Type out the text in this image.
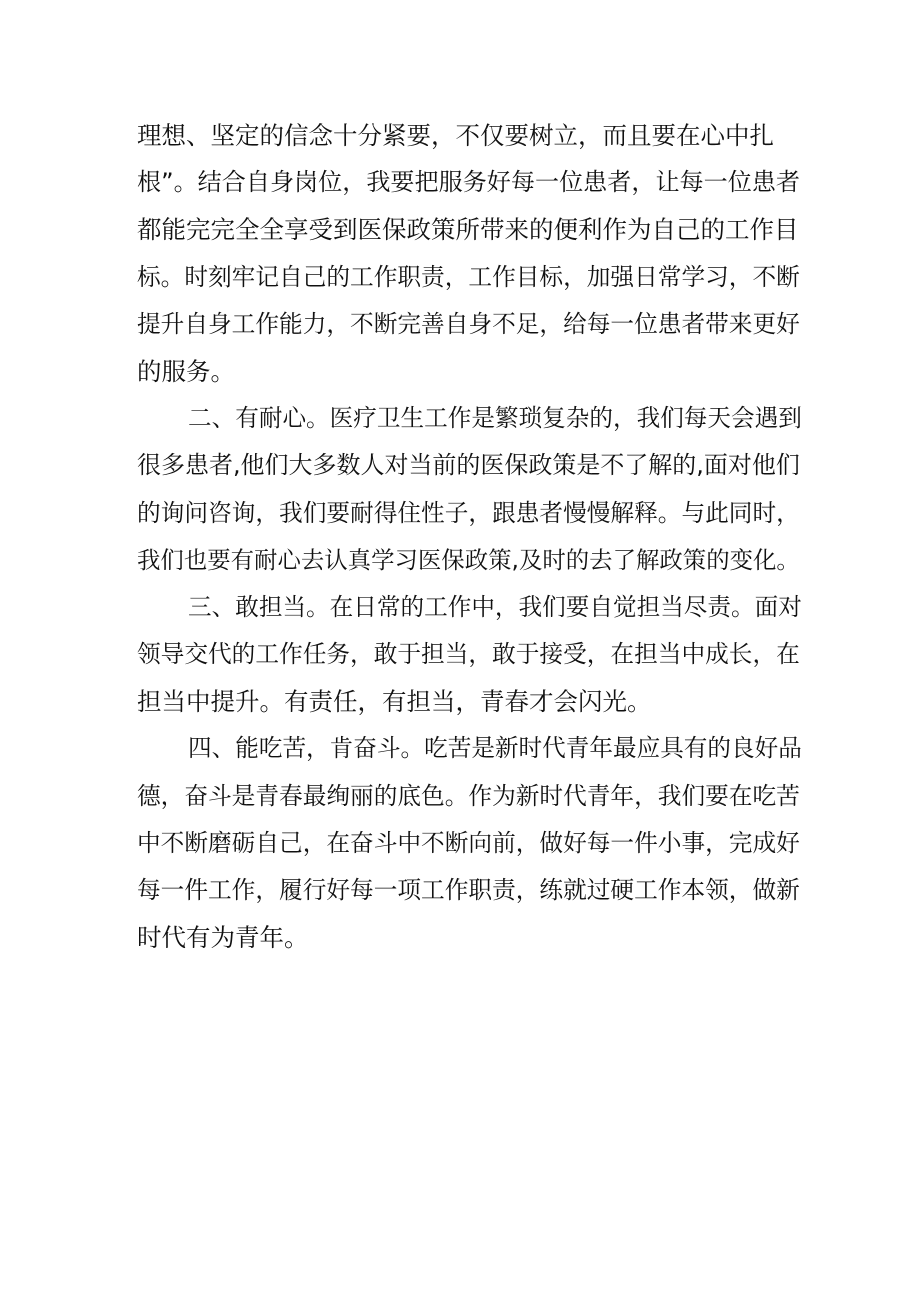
理想、坚定的信念十分紧要，不仅要树立，而且要在心中扎
根”。结合自身岗位，我要把服务好每一位患者，让每一位患者
都能完完全全享受到医保政策所带来的便利作为自己的工作目
标。时刻牢记自己的工作职责，工作目标，加强日常学习，不断
提升自身工作能力，不断完善自身不足，给每一位患者带来更好
的服务。
二、有耐心。医疗卫生工作是繁琐复杂的，我们每天会遇到
很多患者,他们大多数人对当前的医保政策是不了解的,面对他们
的询问咨询，我们要耐得住性子，跟患者慢慢解释。与此同时，
我们也要有耐心去认真学习医保政策,及时的去了解政策的变化。
三、敢担当。在日常的工作中，我们要自觉担当尽责。面对
领导交代的工作任务，敢于担当，敢于接受，在担当中成长，在
担当中提升。有责任，有担当，青春才会闪光。
四、能吃苦，肯奋斗。吃苦是新时代青年最应具有的良好品
德，奋斗是青春最绚丽的底色。作为新时代青年，我们要在吃苦
中不断磨砺自己，在奋斗中不断向前，做好每一件小事，完成好
每一件工作，履行好每一项工作职责，练就过硬工作本领，做新
时代有为青年。
